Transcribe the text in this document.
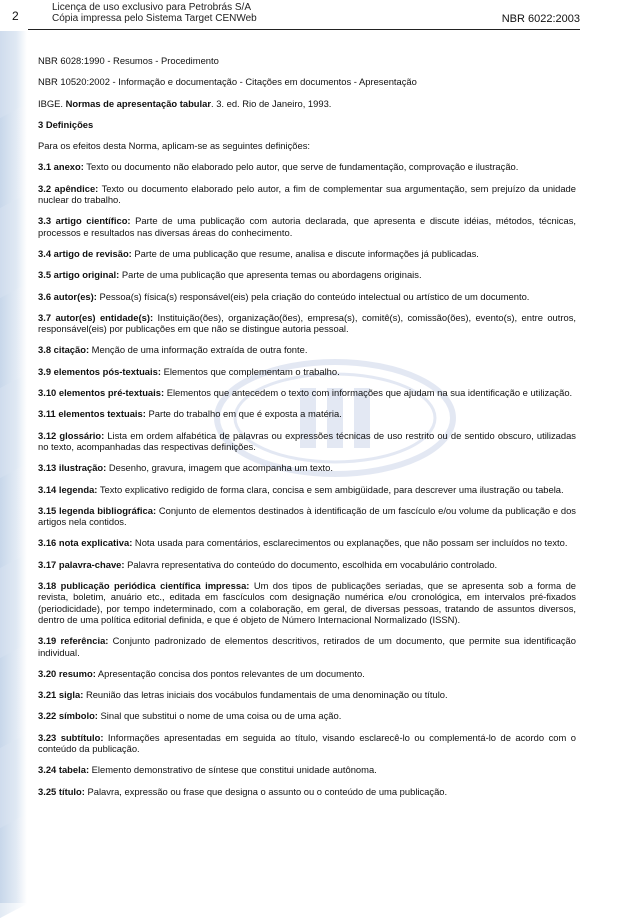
2
Licença de uso exclusivo para Petrobrás S/A
Cópia impressa pelo Sistema Target CENWeb	NBR 6022:2003

NBR 6028:1990 - Resumos - Procedimento

NBR 10520:2002 - Informação e documentação - Citações em documentos - Apresentação

IBGE. Normas de apresentação tabular. 3. ed. Rio de Janeiro, 1993.

3 Definições

Para os efeitos desta Norma, aplicam-se as seguintes definições:

3.1 anexo: Texto ou documento não elaborado pelo autor, que serve de fundamentação, comprovação e ilustração.

3.2 apêndice: Texto ou documento elaborado pelo autor, a fim de complementar sua argumentação, sem prejuízo da unidade nuclear do trabalho.

3.3 artigo científico: Parte de uma publicação com autoria declarada, que apresenta e discute idéias, métodos, técnicas, processos e resultados nas diversas áreas do conhecimento.

3.4 artigo de revisão: Parte de uma publicação que resume, analisa e discute informações já publicadas.

3.5 artigo original: Parte de uma publicação que apresenta temas ou abordagens originais.

3.6 autor(es): Pessoa(s) física(s) responsável(eis) pela criação do conteúdo intelectual ou artístico de um documento.

3.7 autor(es) entidade(s): Instituição(ões), organização(ões), empresa(s), comitê(s), comissão(ões), evento(s), entre outros, responsável(eis) por publicações em que não se distingue autoria pessoal.

3.8 citação: Menção de uma informação extraída de outra fonte.

3.9 elementos pós-textuais: Elementos que complementam o trabalho.

3.10 elementos pré-textuais: Elementos que antecedem o texto com informações que ajudam na sua identificação e utilização.

3.11 elementos textuais: Parte do trabalho em que é exposta a matéria.

3.12 glossário: Lista em ordem alfabética de palavras ou expressões técnicas de uso restrito ou de sentido obscuro, utilizadas no texto, acompanhadas das respectivas definições.

3.13 ilustração: Desenho, gravura, imagem que acompanha um texto.

3.14 legenda: Texto explicativo redigido de forma clara, concisa e sem ambigüidade, para descrever uma ilustração ou tabela.

3.15 legenda bibliográfica: Conjunto de elementos destinados à identificação de um fascículo e/ou volume da publicação e dos artigos nela contidos.

3.16 nota explicativa: Nota usada para comentários, esclarecimentos ou explanações, que não possam ser incluídos no texto.

3.17 palavra-chave: Palavra representativa do conteúdo do documento, escolhida em vocabulário controlado.

3.18 publicação periódica científica impressa: Um dos tipos de publicações seriadas, que se apresenta sob a forma de revista, boletim, anuário etc., editada em fascículos com designação numérica e/ou cronológica, em intervalos pré-fixados (periodicidade), por tempo indeterminado, com a colaboração, em geral, de diversas pessoas, tratando de assuntos diversos, dentro de uma política editorial definida, e que é objeto de Número Internacional Normalizado (ISSN).

3.19 referência: Conjunto padronizado de elementos descritivos, retirados de um documento, que permite sua identificação individual.

3.20 resumo: Apresentação concisa dos pontos relevantes de um documento.

3.21 sigla: Reunião das letras iniciais dos vocábulos fundamentais de uma denominação ou título.

3.22 símbolo: Sinal que substitui o nome de uma coisa ou de uma ação.

3.23 subtítulo: Informações apresentadas em seguida ao título, visando esclarecê-lo ou complementá-lo de acordo com o conteúdo da publicação.

3.24 tabela: Elemento demonstrativo de síntese que constitui unidade autônoma.

3.25 título: Palavra, expressão ou frase que designa o assunto ou o conteúdo de uma publicação.
